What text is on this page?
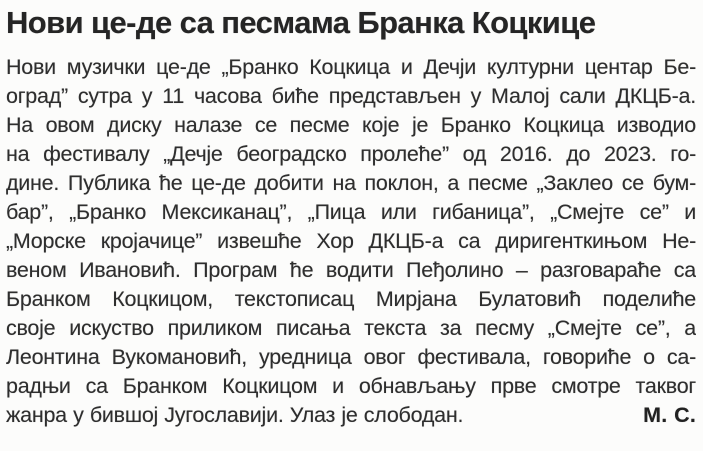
Нови це-де са песмама Бранка Коцкице
Нови музички це-де „Бранко Коцкица и Дечји културни центар Бе-
оград” сутра у 11 часова биће представљен у Малој сали ДКЦБ-а.
На овом диску налазе се песме које је Бранко Коцкица изводио
на фестивалу „Дечје београдско пролеће” од 2016. до 2023. го-
дине. Публика ће це-де добити на поклон, а песме „Заклео се бум-
бар”, „Бранко Мексиканац”, „Пица или гибаница”, „Смејте се” и
„Морске кројачице” извешће Хор ДКЦБ-а са диригенткињом Не-
веном Ивановић. Програм ће водити Пеђолино – разговараће са
Бранком Коцкицом, текстописац Мирјана Булатовић поделиће
своје искуство приликом писања текста за песму „Смејте се”, а
Леонтина Вукомановић, уредница овог фестивала, говориће о са-
радњи са Бранком Коцкицом и обнављању прве смотре таквог
жанра у бившој Југославији. Улаз је слободан.	М. С.
